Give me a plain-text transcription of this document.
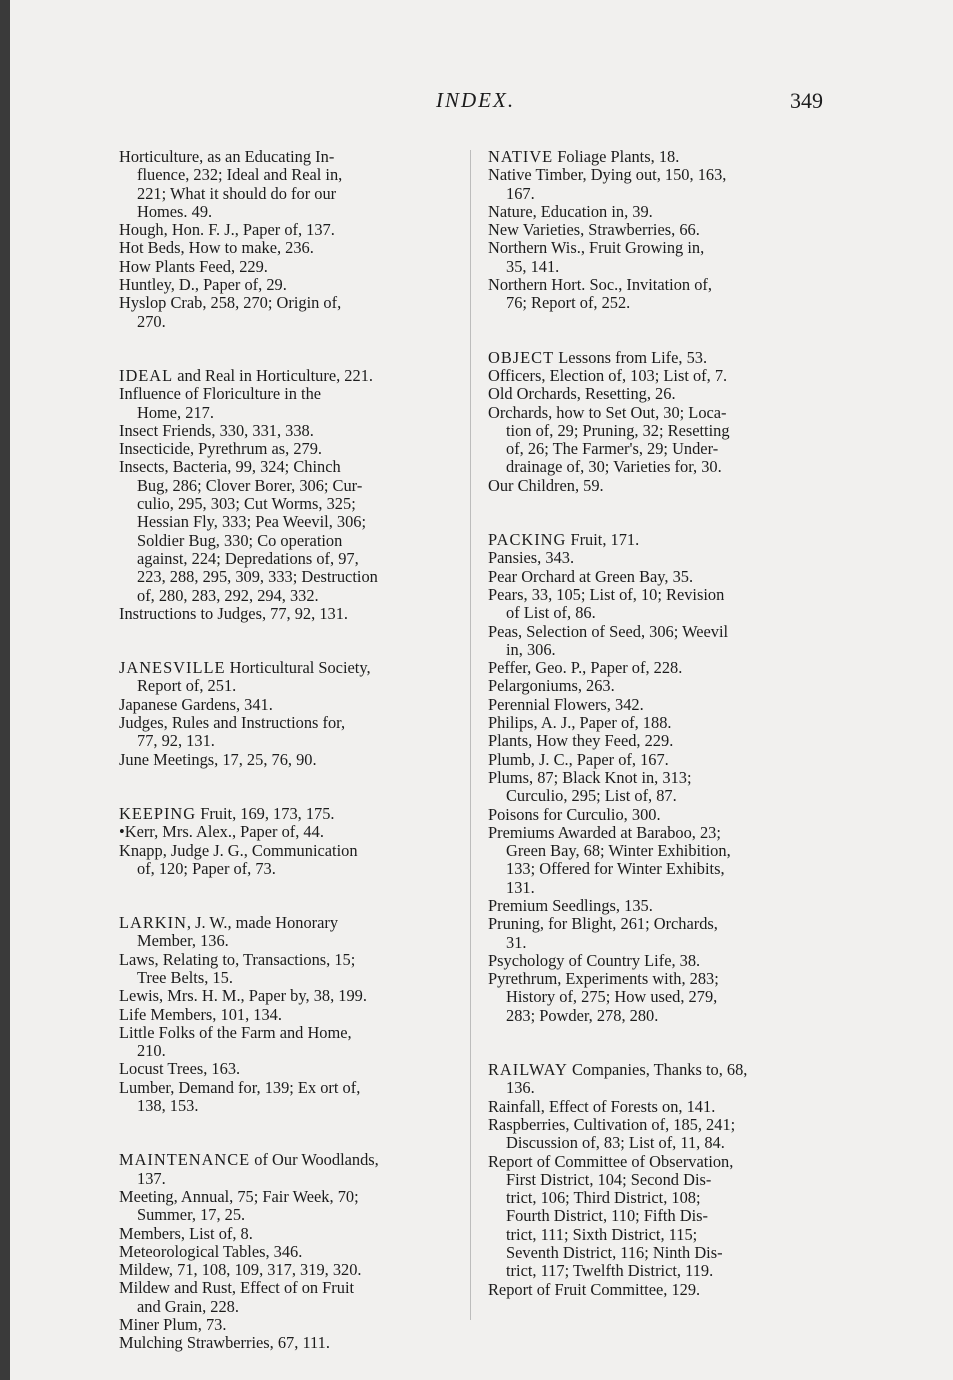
INDEX.	349
Horticulture, as an Educating In-
fluence, 232; Ideal and Real in,
221; What it should do for our
Homes. 49.
Hough, Hon. F. J., Paper of, 137.
Hot Beds, How to make, 236.
How Plants Feed, 229.
Huntley, D., Paper of, 29.
Hyslop Crab, 258, 270; Origin of,
270.
IDEAL and Real in Horticulture, 221.
Influence of Floriculture in the
Home, 217.
Insect Friends, 330, 331, 338.
Insecticide, Pyrethrum as, 279.
Insects, Bacteria, 99, 324; Chinch
Bug, 286; Clover Borer, 306; Cur-
culio, 295, 303; Cut Worms, 325;
Hessian Fly, 333; Pea Weevil, 306;
Soldier Bug, 330; Co operation
against, 224; Depredations of, 97,
223, 288, 295, 309, 333; Destruction
of, 280, 283, 292, 294, 332.
Instructions to Judges, 77, 92, 131.
JANESVILLE Horticultural Society,
Report of, 251.
Japanese Gardens, 341.
Judges, Rules and Instructions for,
77, 92, 131.
June Meetings, 17, 25, 76, 90.
KEEPING Fruit, 169, 173, 175.
•Kerr, Mrs. Alex., Paper of, 44.
Knapp, Judge J. G., Communication
of, 120; Paper of, 73.
LARKIN, J. W., made Honorary
Member, 136.
Laws, Relating to, Transactions, 15;
Tree Belts, 15.
Lewis, Mrs. H. M., Paper by, 38, 199.
Life Members, 101, 134.
Little Folks of the Farm and Home,
210.
Locust Trees, 163.
Lumber, Demand for, 139; Ex ort of,
138, 153.
MAINTENANCE of Our Woodlands,
137.
Meeting, Annual, 75; Fair Week, 70;
Summer, 17, 25.
Members, List of, 8.
Meteorological Tables, 346.
Mildew, 71, 108, 109, 317, 319, 320.
Mildew and Rust, Effect of on Fruit
and Grain, 228.
Miner Plum, 73.
Mulching Strawberries, 67, 111.
NATIVE Foliage Plants, 18.
Native Timber, Dying out, 150, 163,
167.
Nature, Education in, 39.
New Varieties, Strawberries, 66.
Northern Wis., Fruit Growing in,
35, 141.
Northern Hort. Soc., Invitation of,
76; Report of, 252.
OBJECT Lessons from Life, 53.
Officers, Election of, 103; List of, 7.
Old Orchards, Resetting, 26.
Orchards, how to Set Out, 30; Loca-
tion of, 29; Pruning, 32; Resetting
of, 26; The Farmer's, 29; Under-
drainage of, 30; Varieties for, 30.
Our Children, 59.
PACKING Fruit, 171.
Pansies, 343.
Pear Orchard at Green Bay, 35.
Pears, 33, 105; List of, 10; Revision
of List of, 86.
Peas, Selection of Seed, 306; Weevil
in, 306.
Peffer, Geo. P., Paper of, 228.
Pelargoniums, 263.
Perennial Flowers, 342.
Philips, A. J., Paper of, 188.
Plants, How they Feed, 229.
Plumb, J. C., Paper of, 167.
Plums, 87; Black Knot in, 313;
Curculio, 295; List of, 87.
Poisons for Curculio, 300.
Premiums Awarded at Baraboo, 23;
Green Bay, 68; Winter Exhibition,
133; Offered for Winter Exhibits,
131.
Premium Seedlings, 135.
Pruning, for Blight, 261; Orchards,
31.
Psychology of Country Life, 38.
Pyrethrum, Experiments with, 283;
History of, 275; How used, 279,
283; Powder, 278, 280.
RAILWAY Companies, Thanks to, 68,
136.
Rainfall, Effect of Forests on, 141.
Raspberries, Cultivation of, 185, 241;
Discussion of, 83; List of, 11, 84.
Report of Committee of Observation,
First District, 104; Second Dis-
trict, 106; Third District, 108;
Fourth District, 110; Fifth Dis-
trict, 111; Sixth District, 115;
Seventh District, 116; Ninth Dis-
trict, 117; Twelfth District, 119.
Report of Fruit Committee, 129.
